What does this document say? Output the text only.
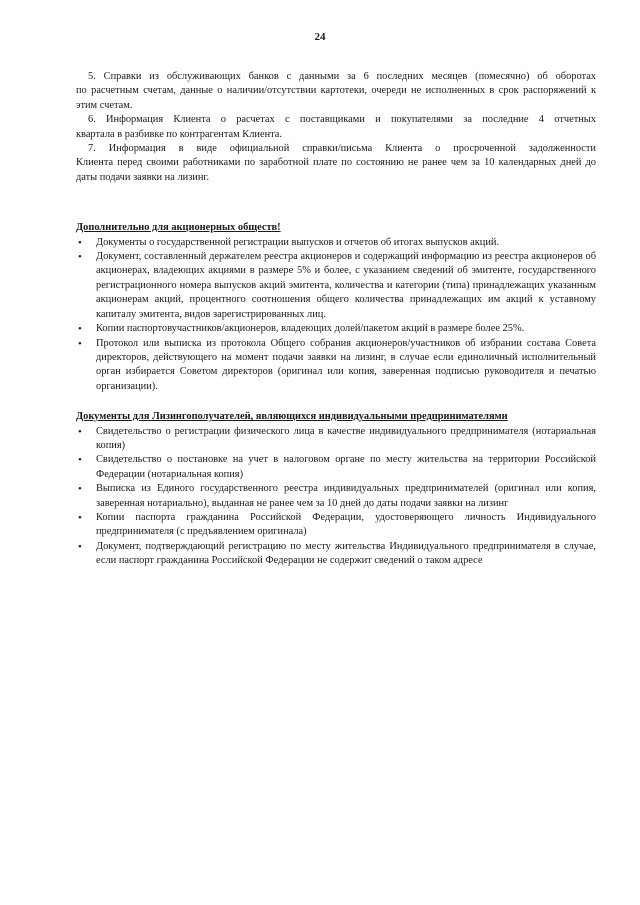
24

5. Справки из обслуживающих банков с данными за 6 последних месяцев (помесячно) об оборотах
по расчетным счетам, данные о наличии/отсутствии картотеки, очереди не исполненных в срок распоряжений к этим счетам.

6. Информация Клиента о расчетах с поставщиками и покупателями за последние 4 отчетных
квартала в разбивке по контрагентам Клиента.

7. Информация в виде официальной справки/письма Клиента о просроченной задолженности
Клиента перед своими работниками по заработной плате по состоянию не ранее чем за 10 календарных дней до даты подачи заявки на лизинг.

Дополнительно для акционерных обществ!

• Документы о государственной регистрации выпусков и отчетов об итогах выпусков акций.
• Документ, составленный держателем реестра акционеров и содержащий информацию из реестра акционеров об акционерах, владеющих акциями в размере 5% и более, с указанием сведений об эмитенте, государственного регистрационного номера выпусков акций эмитента, количества и категории (типа) принадлежащих указанным акционерам акций, процентного соотношения общего количества принадлежащих им акций к уставному капиталу эмитента, видов зарегистрированных лиц.
• Копии паспортовучастников/акционеров, владеющих долей/пакетом акций в размере более 25%.
• Протокол или выписка из протокола Общего собрания акционеров/участников об избрании состава Совета директоров, действующего на момент подачи заявки на лизинг, в случае если единоличный исполнительный орган избирается Советом директоров (оригинал или копия, заверенная подписью руководителя и печатью организации).

Документы для Лизингополучателей, являющихся индивидуальными предпринимателями

• Свидетельство о регистрации физического лица в качестве индивидуального предпринимателя (нотариальная копия)
• Свидетельство о постановке на учет в налоговом органе по месту жительства на территории Российской Федерации (нотариальная копия)
• Выписка из Единого государственного реестра индивидуальных предпринимателей (оригинал или копия, заверенная нотариально), выданная не ранее чем за 10 дней до даты подачи заявки на лизинг
• Копии паспорта гражданина Российской Федерации, удостоверяющего личность Индивидуального предпринимателя (с предъявлением оригинала)
• Документ, подтверждающий регистрацию по месту жительства Индивидуального предпринимателя в случае, если паспорт гражданина Российской Федерации не содержит сведений о таком адресе
